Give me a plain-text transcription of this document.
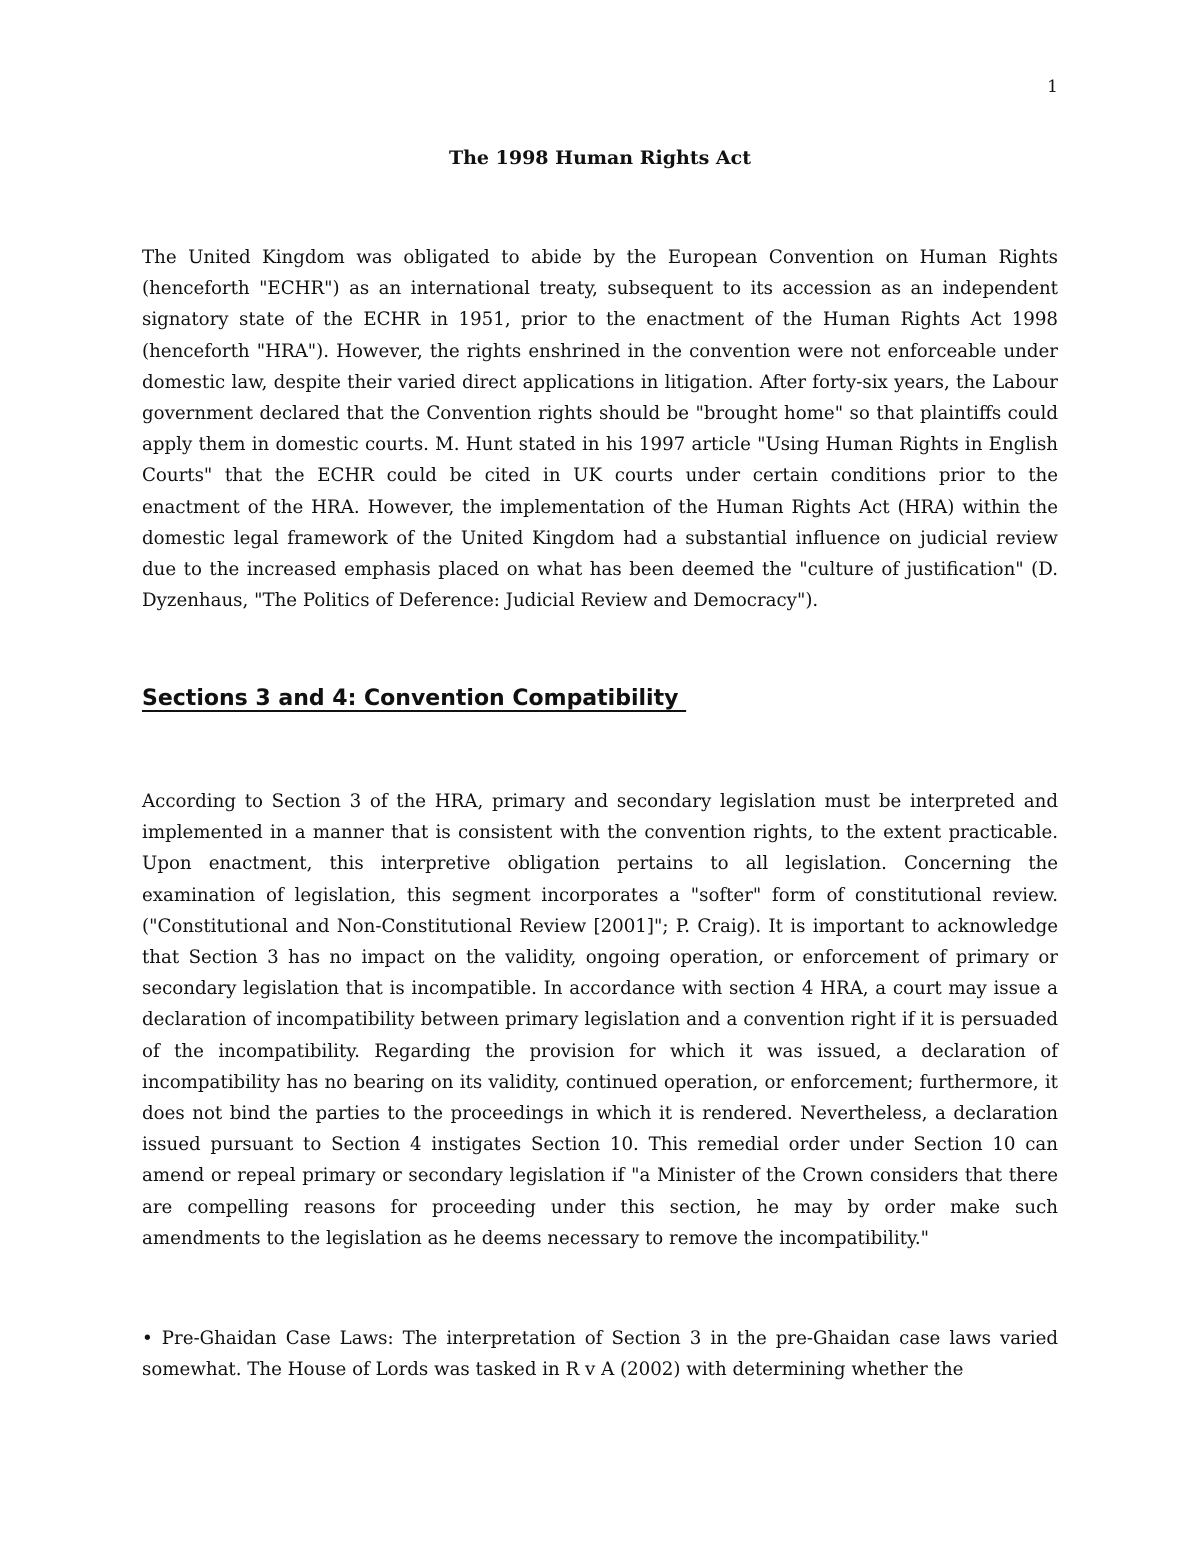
1
The 1998 Human Rights Act

The United Kingdom was obligated to abide by the European Convention on Human Rights (henceforth "ECHR") as an international treaty, subsequent to its accession as an independent signatory state of the ECHR in 1951, prior to the enactment of the Human Rights Act 1998 (henceforth "HRA"). However, the rights enshrined in the convention were not enforceable under domestic law, despite their varied direct applications in litigation. After forty-six years, the Labour government declared that the Convention rights should be "brought home" so that plaintiffs could apply them in domestic courts. M. Hunt stated in his 1997 article "Using Human Rights in English Courts" that the ECHR could be cited in UK courts under certain conditions prior to the enactment of the HRA. However, the implementation of the Human Rights Act (HRA) within the domestic legal framework of the United Kingdom had a substantial influence on judicial review due to the increased emphasis placed on what has been deemed the "culture of justification" (D. Dyzenhaus, "The Politics of Deference: Judicial Review and Democracy").

Sections 3 and 4: Convention Compatibility

According to Section 3 of the HRA, primary and secondary legislation must be interpreted and implemented in a manner that is consistent with the convention rights, to the extent practicable. Upon enactment, this interpretive obligation pertains to all legislation. Concerning the examination of legislation, this segment incorporates a "softer" form of constitutional review. ("Constitutional and Non-Constitutional Review [2001]"; P. Craig). It is important to acknowledge that Section 3 has no impact on the validity, ongoing operation, or enforcement of primary or secondary legislation that is incompatible. In accordance with section 4 HRA, a court may issue a declaration of incompatibility between primary legislation and a convention right if it is persuaded of the incompatibility. Regarding the provision for which it was issued, a declaration of incompatibility has no bearing on its validity, continued operation, or enforcement; furthermore, it does not bind the parties to the proceedings in which it is rendered. Nevertheless, a declaration issued pursuant to Section 4 instigates Section 10. This remedial order under Section 10 can amend or repeal primary or secondary legislation if "a Minister of the Crown considers that there are compelling reasons for proceeding under this section, he may by order make such amendments to the legislation as he deems necessary to remove the incompatibility."

• Pre-Ghaidan Case Laws: The interpretation of Section 3 in the pre-Ghaidan case laws varied somewhat. The House of Lords was tasked in R v A (2002) with determining whether the
